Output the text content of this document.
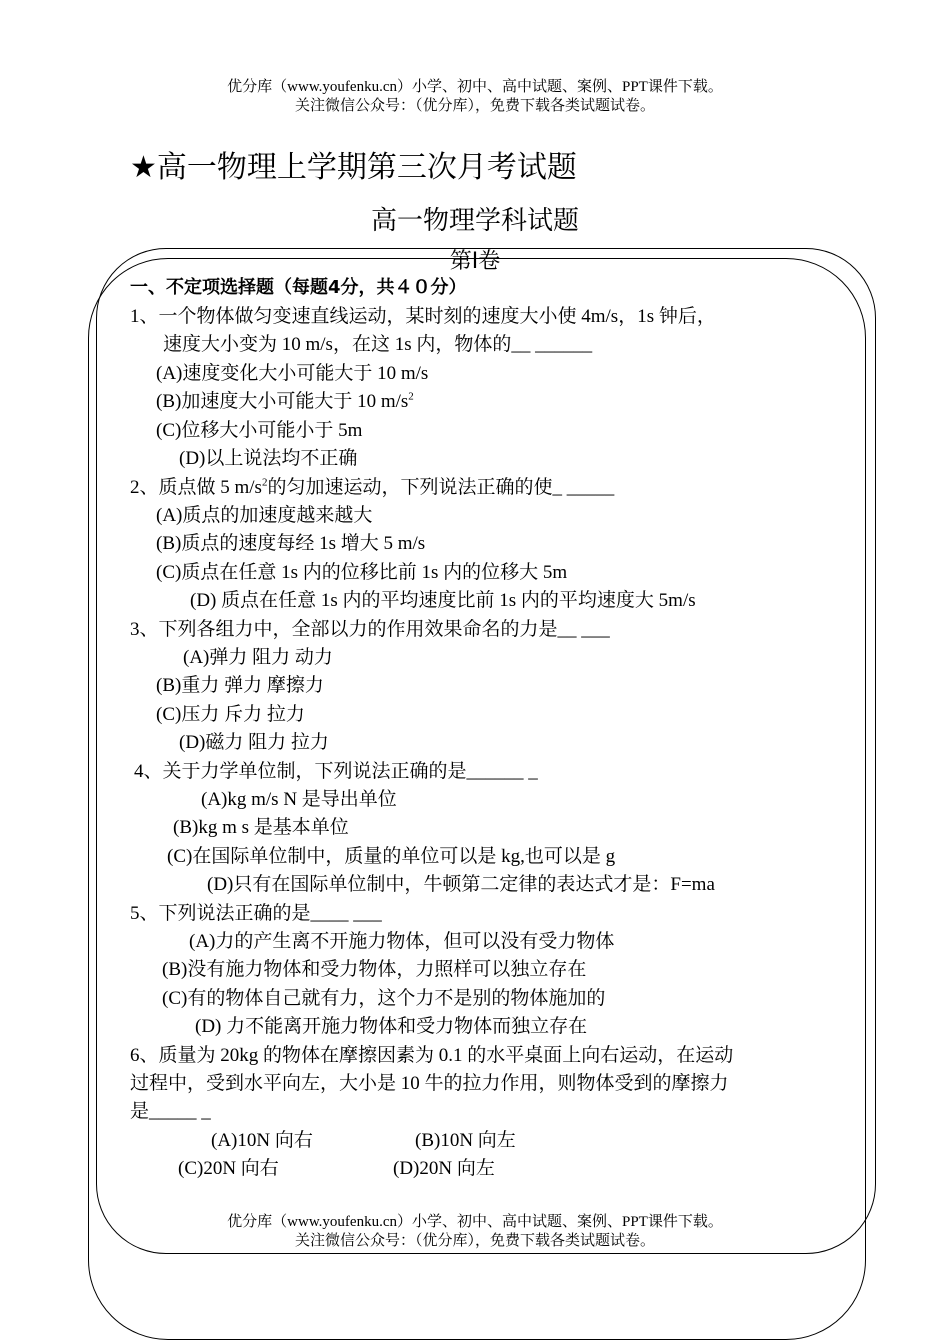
优分库（www.youfenku.cn）小学、初中、高中试题、案例、PPT课件下载。
关注微信公众号：（优分库），免费下载各类试题试卷。
★高一物理上学期第三次月考试题
高一物理学科试题
第Ⅰ卷
一、不定项选择题（每题4分，共４０分）
1、一个物体做匀变速直线运动，某时刻的速度大小使 4m/s，1s 钟后，
速度大小变为 10 m/s，在这 1s 内，物体的__ ______
(A)速度变化大小可能大于 10 m/s
(B)加速度大小可能大于 10 $m/s^2$
(C)位移大小可能小于 5m
(D)以上说法均不正确
2、质点做 5 $m/s^2$的匀加速运动，下列说法正确的使_ _____
(A)质点的加速度越来越大
(B)质点的速度每经 1s 增大 5 m/s
(C)质点在任意 1s 内的位移比前 1s 内的位移大 5m
(D) 质点在任意 1s 内的平均速度比前 1s 内的平均速度大 5m/s
3、下列各组力中，全部以力的作用效果命名的力是__ ___
(A)弹力 阻力 动力
(B)重力 弹力 摩擦力
(C)压力 斥力 拉力
(D)磁力 阻力 拉力
4、关于力学单位制，下列说法正确的是______ _
(A)kg m/s N 是导出单位
(B)kg m s 是基本单位
(C)在国际单位制中，质量的单位可以是 kg,也可以是 g
(D)只有在国际单位制中，牛顿第二定律的表达式才是：F=ma
5、下列说法正确的是____ ___
(A)力的产生离不开施力物体，但可以没有受力物体
(B)没有施力物体和受力物体，力照样可以独立存在
(C)有的物体自己就有力，这个力不是别的物体施加的
(D) 力不能离开施力物体和受力物体而独立存在
6、质量为 20kg 的物体在摩擦因素为 0.1 的水平桌面上向右运动，在运动
过程中，受到水平向左，大小是 10 牛的拉力作用，则物体受到的摩擦力
是_____ _
(A)10N 向右	(B)10N 向左
(C)20N 向右	(D)20N 向左
优分库（www.youfenku.cn）小学、初中、高中试题、案例、PPT课件下载。
关注微信公众号：（优分库），免费下载各类试题试卷。
